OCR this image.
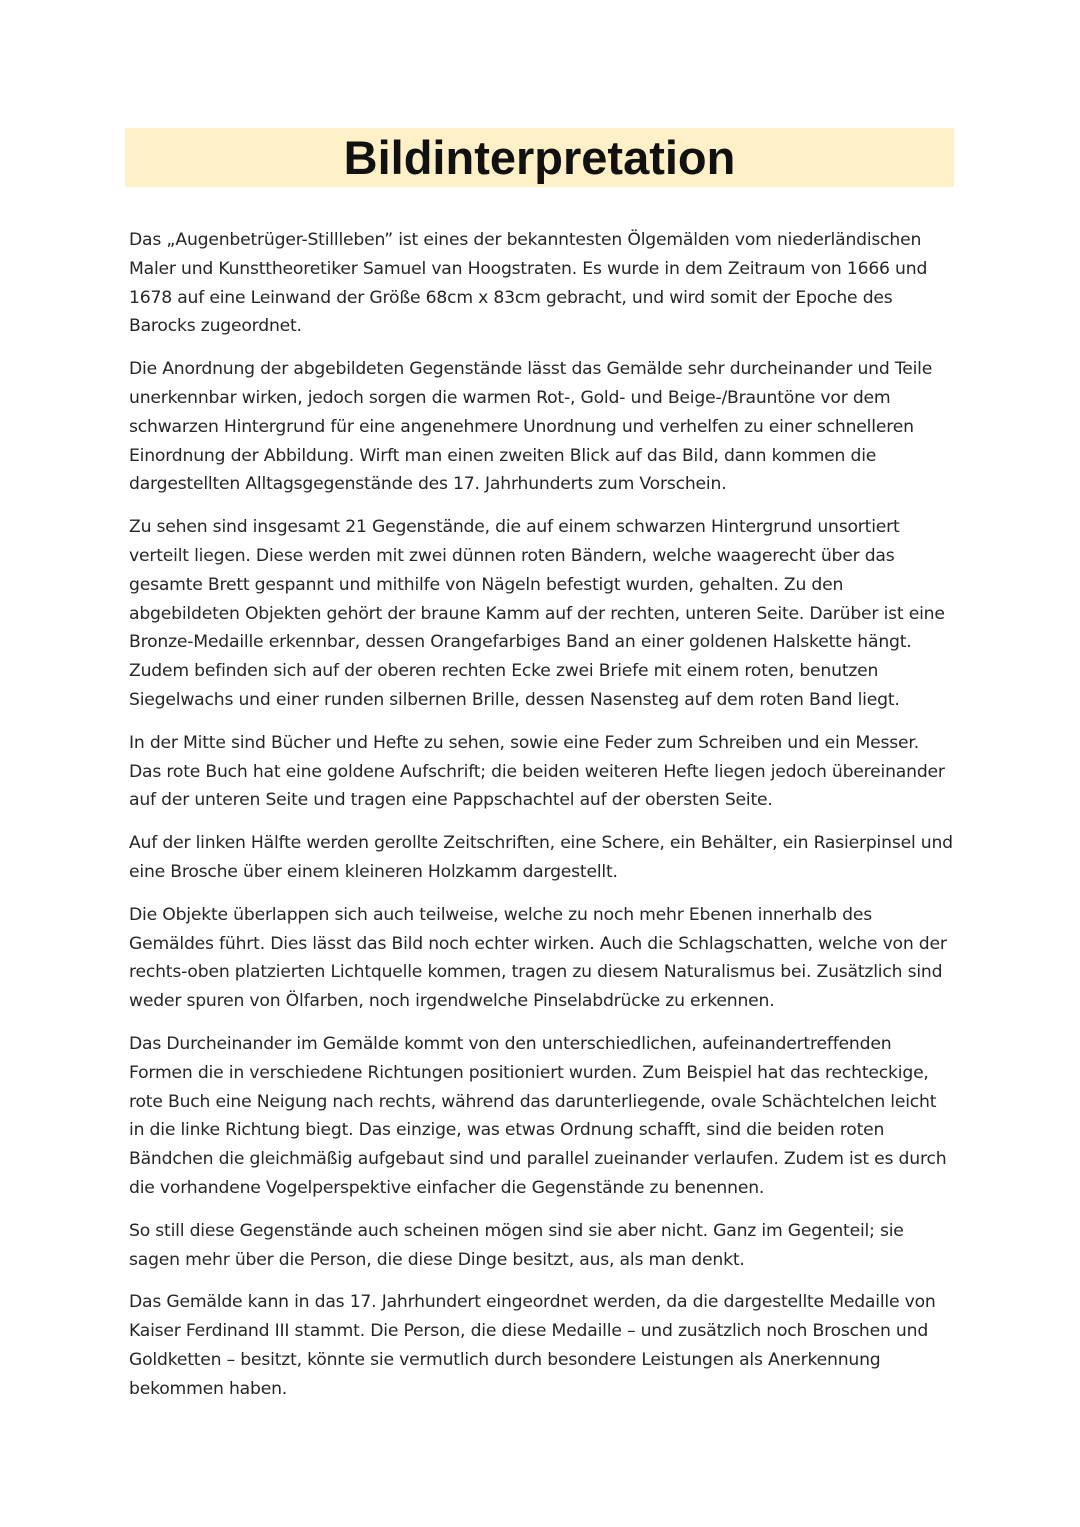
Bildinterpretation

Das „Augenbetrüger-Stillleben” ist eines der bekanntesten Ölgemälden vom niederländischen Maler und Kunsttheoretiker Samuel van Hoogstraten. Es wurde in dem Zeitraum von 1666 und 1678 auf eine Leinwand der Größe 68cm x 83cm gebracht, und wird somit der Epoche des Barocks zugeordnet.

Die Anordnung der abgebildeten Gegenstände lässt das Gemälde sehr durcheinander und Teile unerkennbar wirken, jedoch sorgen die warmen Rot-, Gold- und Beige-/Brauntöne vor dem schwarzen Hintergrund für eine angenehmere Unordnung und verhelfen zu einer schnelleren Einordnung der Abbildung. Wirft man einen zweiten Blick auf das Bild, dann kommen die dargestellten Alltagsgegenstände des 17. Jahrhunderts zum Vorschein.

Zu sehen sind insgesamt 21 Gegenstände, die auf einem schwarzen Hintergrund unsortiert verteilt liegen. Diese werden mit zwei dünnen roten Bändern, welche waagerecht über das gesamte Brett gespannt und mithilfe von Nägeln befestigt wurden, gehalten. Zu den abgebildeten Objekten gehört der braune Kamm auf der rechten, unteren Seite. Darüber ist eine Bronze-Medaille erkennbar, dessen Orangefarbiges Band an einer goldenen Halskette hängt. Zudem befinden sich auf der oberen rechten Ecke zwei Briefe mit einem roten, benutzen Siegelwachs und einer runden silbernen Brille, dessen Nasensteg auf dem roten Band liegt.

In der Mitte sind Bücher und Hefte zu sehen, sowie eine Feder zum Schreiben und ein Messer. Das rote Buch hat eine goldene Aufschrift; die beiden weiteren Hefte liegen jedoch übereinander auf der unteren Seite und tragen eine Pappschachtel auf der obersten Seite.

Auf der linken Hälfte werden gerollte Zeitschriften, eine Schere, ein Behälter, ein Rasierpinsel und eine Brosche über einem kleineren Holzkamm dargestellt.

Die Objekte überlappen sich auch teilweise, welche zu noch mehr Ebenen innerhalb des Gemäldes führt. Dies lässt das Bild noch echter wirken. Auch die Schlagschatten, welche von der rechts-oben platzierten Lichtquelle kommen, tragen zu diesem Naturalismus bei. Zusätzlich sind weder spuren von Ölfarben, noch irgendwelche Pinselabdrücke zu erkennen.

Das Durcheinander im Gemälde kommt von den unterschiedlichen, aufeinandertreffenden Formen die in verschiedene Richtungen positioniert wurden. Zum Beispiel hat das rechteckige, rote Buch eine Neigung nach rechts, während das darunterliegende, ovale Schächtelchen leicht in die linke Richtung biegt. Das einzige, was etwas Ordnung schafft, sind die beiden roten Bändchen die gleichmäßig aufgebaut sind und parallel zueinander verlaufen. Zudem ist es durch die vorhandene Vogelperspektive einfacher die Gegenstände zu benennen.

So still diese Gegenstände auch scheinen mögen sind sie aber nicht. Ganz im Gegenteil; sie sagen mehr über die Person, die diese Dinge besitzt, aus, als man denkt.

Das Gemälde kann in das 17. Jahrhundert eingeordnet werden, da die dargestellte Medaille von Kaiser Ferdinand III stammt. Die Person, die diese Medaille – und zusätzlich noch Broschen und Goldketten – besitzt, könnte sie vermutlich durch besondere Leistungen als Anerkennung bekommen haben.
